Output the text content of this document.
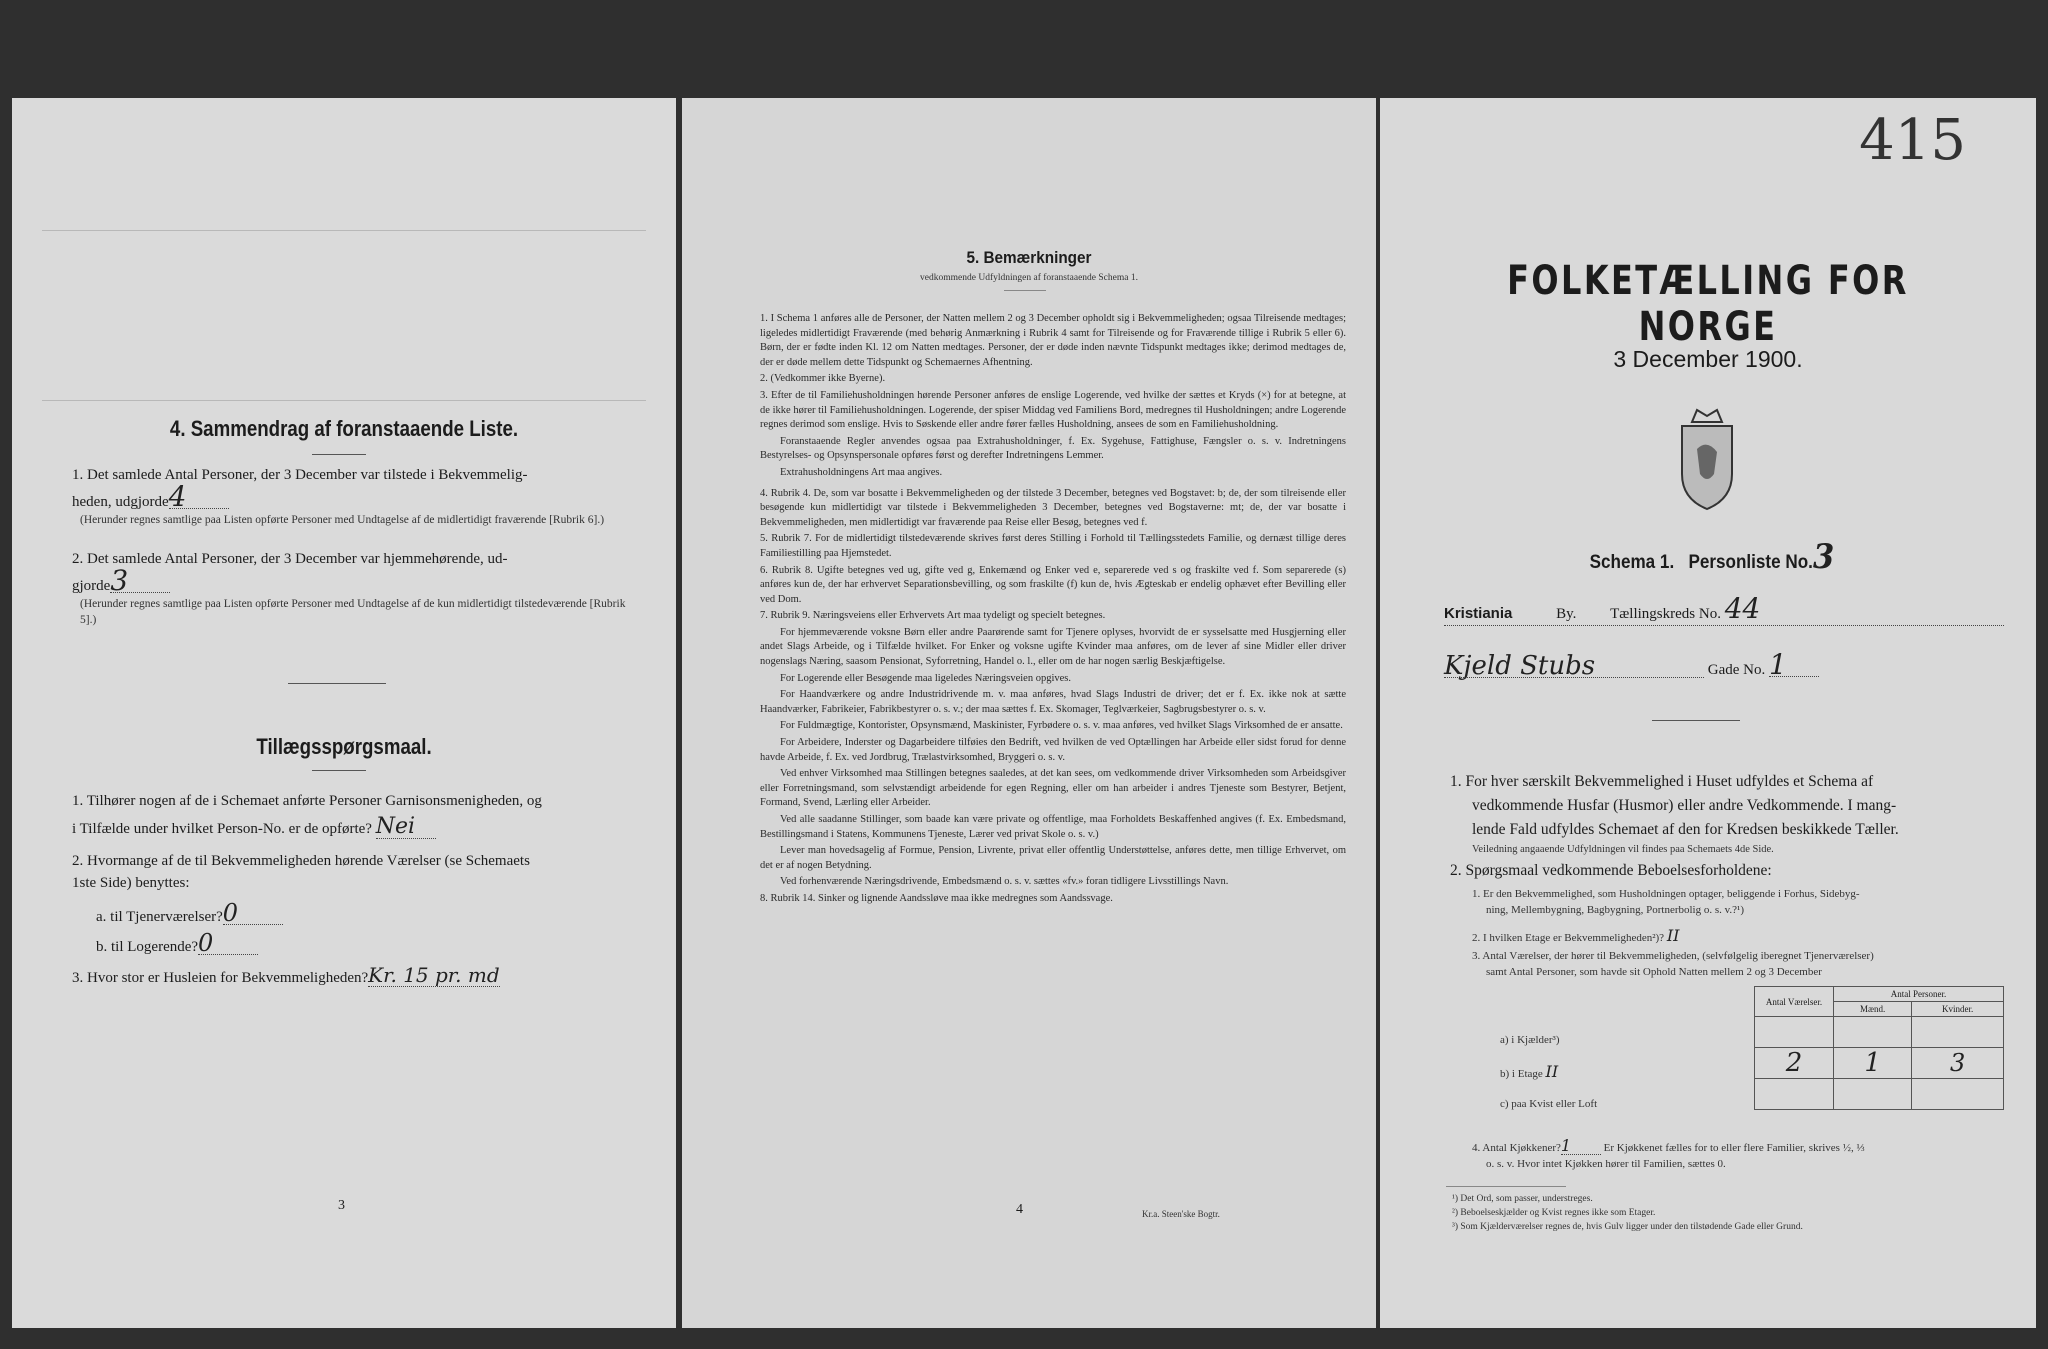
4. Sammendrag af foranstaaende Liste.
1. Det samlede Antal Personer, der 3 December var tilstede i Bekvemmelig-
heden, udgjorde4
(Herunder regnes samtlige paa Listen opførte Personer med Undtagelse af de midlertidigt fraværende [Rubrik 6].)
2. Det samlede Antal Personer, der 3 December var hjemmehørende, ud-
gjorde3
(Herunder regnes samtlige paa Listen opførte Personer med Undtagelse af de kun midlertidigt tilstedeværende [Rubrik 5].)
Tillægsspørgsmaal.
1. Tilhører nogen af de i Schemaet anførte Personer Garnisonsmenigheden, og
i Tilfælde under hvilket Person-No. er de opførte? Nei
2. Hvormange af de til Bekvemmeligheden hørende Værelser (se Schemaets
1ste Side) benyttes:
a. til Tjenerværelser?0
b. til Logerende?0
3. Hvor stor er Husleien for Bekvemmeligheden?Kr. 15 pr. md
3
5. Bemærkninger
vedkommende Udfyldningen af foranstaaende Schema 1.

1. I Schema 1 anføres alle de Personer, der Natten mellem 2 og 3 December opholdt sig i Bekvemmeligheden; ogsaa Tilreisende medtages; ligeledes midlertidigt Fraværende (med behørig Anmærkning i Rubrik 4 samt for Tilreisende og for Fraværende tillige i Rubrik 5 eller 6). Børn, der er fødte inden Kl. 12 om Natten medtages. Personer, der er døde inden nævnte Tidspunkt medtages ikke; derimod medtages de, der er døde mellem dette Tidspunkt og Schemaernes Afhentning.

2. (Vedkommer ikke Byerne).

3. Efter de til Familiehusholdningen hørende Personer anføres de enslige Logerende, ved hvilke der sættes et Kryds (×) for at betegne, at de ikke hører til Familiehusholdningen. Logerende, der spiser Middag ved Familiens Bord, medregnes til Husholdningen; andre Logerende regnes derimod som enslige. Hvis to Søskende eller andre fører fælles Husholdning, ansees de som en Familiehusholdning.

Foranstaaende Regler anvendes ogsaa paa Extrahusholdninger, f. Ex. Sygehuse, Fattighuse, Fængsler o. s. v. Indretningens Bestyrelses- og Opsynspersonale opføres først og derefter Indretningens Lemmer.

Extrahusholdningens Art maa angives.

4. Rubrik 4. De, som var bosatte i Bekvemmeligheden og der tilstede 3 December, betegnes ved Bogstavet: b; de, der som tilreisende eller besøgende kun midlertidigt var tilstede i Bekvemmeligheden 3 December, betegnes ved Bogstaverne: mt; de, der var bosatte i Bekvemmeligheden, men midlertidigt var fraværende paa Reise eller Besøg, betegnes ved f.

5. Rubrik 7. For de midlertidigt tilstedeværende skrives først deres Stilling i Forhold til Tællingsstedets Familie, og dernæst tillige deres Familiestilling paa Hjemstedet.

6. Rubrik 8. Ugifte betegnes ved ug, gifte ved g, Enkemænd og Enker ved e, separerede ved s og fraskilte ved f. Som separerede (s) anføres kun de, der har erhvervet Separationsbevilling, og som fraskilte (f) kun de, hvis Ægteskab er endelig ophævet efter Bevilling eller ved Dom.

7. Rubrik 9. Næringsveiens eller Erhvervets Art maa tydeligt og specielt betegnes.

For hjemmeværende voksne Børn eller andre Paarørende samt for Tjenere oplyses, hvorvidt de er sysselsatte med Husgjerning eller andet Slags Arbeide, og i Tilfælde hvilket. For Enker og voksne ugifte Kvinder maa anføres, om de lever af sine Midler eller driver nogenslags Næring, saasom Pensionat, Syforretning, Handel o. l., eller om de har nogen særlig Beskjæftigelse.

For Logerende eller Besøgende maa ligeledes Næringsveien opgives.

For Haandværkere og andre Industridrivende m. v. maa anføres, hvad Slags Industri de driver; det er f. Ex. ikke nok at sætte Haandværker, Fabrikeier, Fabrikbestyrer o. s. v.; der maa sættes f. Ex. Skomager, Teglværkeier, Sagbrugsbestyrer o. s. v.

For Fuldmægtige, Kontorister, Opsynsmænd, Maskinister, Fyrbødere o. s. v. maa anføres, ved hvilket Slags Virksomhed de er ansatte.

For Arbeidere, Inderster og Dagarbeidere tilføies den Bedrift, ved hvilken de ved Optællingen har Arbeide eller sidst forud for denne havde Arbeide, f. Ex. ved Jordbrug, Trælastvirksomhed, Bryggeri o. s. v.

Ved enhver Virksomhed maa Stillingen betegnes saaledes, at det kan sees, om vedkommende driver Virksomheden som Arbeidsgiver eller Forretningsmand, som selvstændigt arbeidende for egen Regning, eller om han arbeider i andres Tjeneste som Bestyrer, Betjent, Formand, Svend, Lærling eller Arbeider.

Ved alle saadanne Stillinger, som baade kan være private og offentlige, maa Forholdets Beskaffenhed angives (f. Ex. Embedsmand, Bestillingsmand i Statens, Kommunens Tjeneste, Lærer ved privat Skole o. s. v.)

Lever man hovedsagelig af Formue, Pension, Livrente, privat eller offentlig Understøttelse, anføres dette, men tillige Erhvervet, om det er af nogen Betydning.

Ved forhenværende Næringsdrivende, Embedsmænd o. s. v. sættes «fv.» foran tidligere Livsstillings Navn.

8. Rubrik 14. Sinker og lignende Aandssløve maa ikke medregnes som Aandssvage.

4	Kr.a. Steen'ske Bogtr.
415
FOLKETÆLLING FOR NORGE
3 December 1900.
Schema 1. Personliste No.3
Kristiania	By. Tællingskreds No. 44
Kjeld Stubs	Gade No. 1
1. For hver særskilt Bekvemmelighed i Huset udfyldes et Schema af
vedkommende Husfar (Husmor) eller andre Vedkommende. I mang-
lende Fald udfyldes Schemaet af den for Kredsen beskikkede Tæller.
Veiledning angaaende Udfyldningen vil findes paa Schemaets 4de Side.
2. Spørgsmaal vedkommende Beboelsesforholdene:
1. Er den Bekvemmelighed, som Husholdningen optager, beliggende i Forhus, Sidebyg-
ning, Mellembygning, Bagbygning, Portnerbolig o. s. v.?¹)
2. I hvilken Etage er Bekvemmeligheden²)? II
3. Antal Værelser, der hører til Bekvemmeligheden, (selvfølgelig iberegnet Tjenerværelser)
samt Antal Personer, som havde sit Ophold Natten mellem 2 og 3 December
a) i Kjælder³)
b) i Etage II
c) paa Kvist eller Loft
Antal Værelser.	Antal Personer.	
	Mænd.	Kvinder.

2	1	3

4. Antal Kjøkkener?1	Er Kjøkkenet fælles for to eller flere Familier, skrives ½, ⅓
o. s. v. Hvor intet Kjøkken hører til Familien, sættes 0.
¹) Det Ord, som passer, understreges.
²) Beboelseskjælder og Kvist regnes ikke som Etager.
³) Som Kjælderværelser regnes de, hvis Gulv ligger under den tilstødende Gade eller Grund.
